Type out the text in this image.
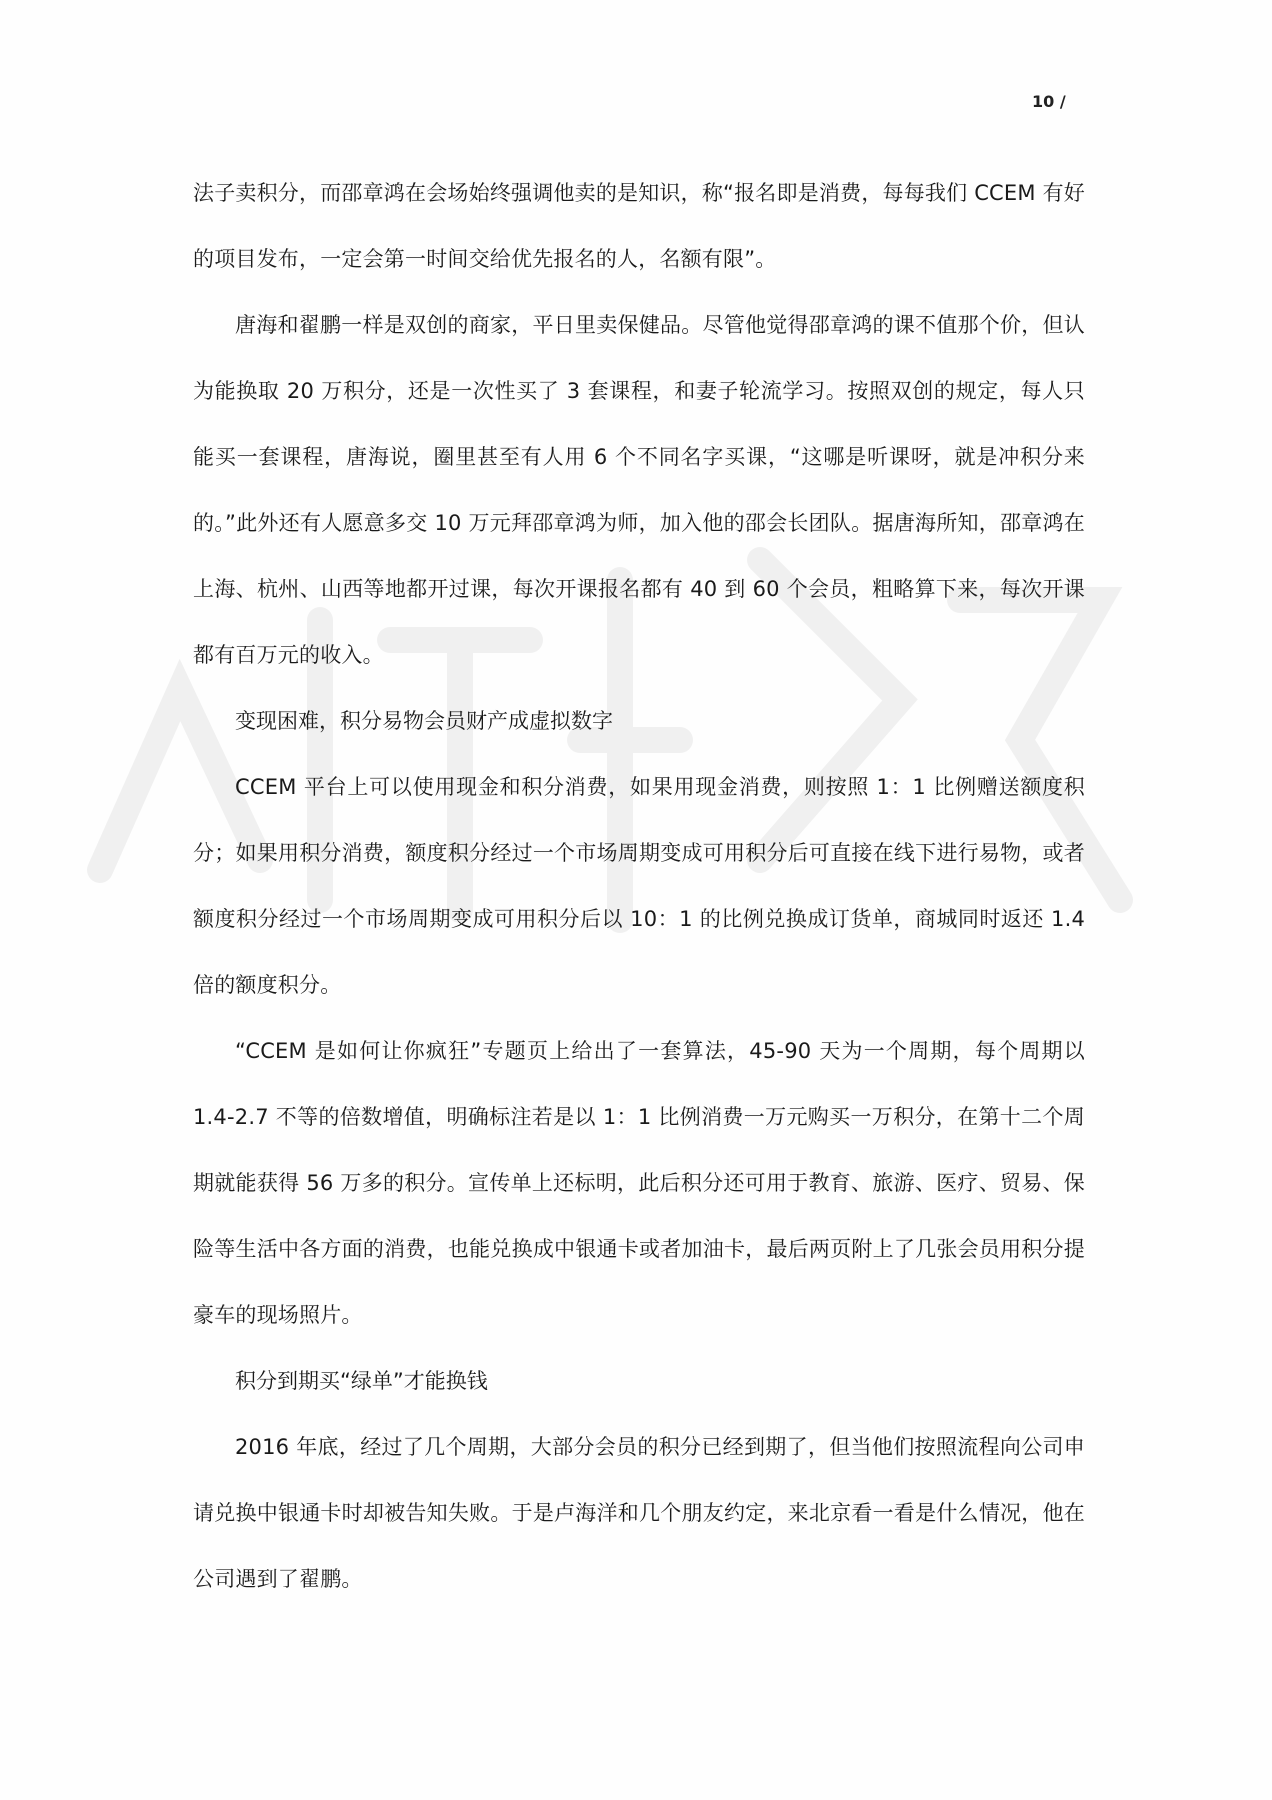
10 /

法子卖积分，而邵章鸿在会场始终强调他卖的是知识，称“报名即是消费，每每我们 CCEM 有好的项目发布，一定会第一时间交给优先报名的人，名额有限”。

唐海和翟鹏一样是双创的商家，平日里卖保健品。尽管他觉得邵章鸿的课不值那个价，但认为能换取 20 万积分，还是一次性买了 3 套课程，和妻子轮流学习。按照双创的规定，每人只能买一套课程，唐海说，圈里甚至有人用 6 个不同名字买课，“这哪是听课呀，就是冲积分来的。”此外还有人愿意多交 10 万元拜邵章鸿为师，加入他的邵会长团队。据唐海所知，邵章鸿在上海、杭州、山西等地都开过课，每次开课报名都有 40 到 60 个会员，粗略算下来，每次开课都有百万元的收入。

变现困难，积分易物会员财产成虚拟数字

CCEM 平台上可以使用现金和积分消费，如果用现金消费，则按照 1：1 比例赠送额度积分；如果用积分消费，额度积分经过一个市场周期变成可用积分后可直接在线下进行易物，或者额度积分经过一个市场周期变成可用积分后以 10：1 的比例兑换成订货单，商城同时返还 1.4 倍的额度积分。

“CCEM 是如何让你疯狂”专题页上给出了一套算法，45-90 天为一个周期，每个周期以 1.4-2.7 不等的倍数增值，明确标注若是以 1：1 比例消费一万元购买一万积分，在第十二个周期就能获得 56 万多的积分。宣传单上还标明，此后积分还可用于教育、旅游、医疗、贸易、保险等生活中各方面的消费，也能兑换成中银通卡或者加油卡，最后两页附上了几张会员用积分提豪车的现场照片。

积分到期买“绿单”才能换钱

2016 年底，经过了几个周期，大部分会员的积分已经到期了，但当他们按照流程向公司申请兑换中银通卡时却被告知失败。于是卢海洋和几个朋友约定，来北京看一看是什么情况，他在公司遇到了翟鹏。
